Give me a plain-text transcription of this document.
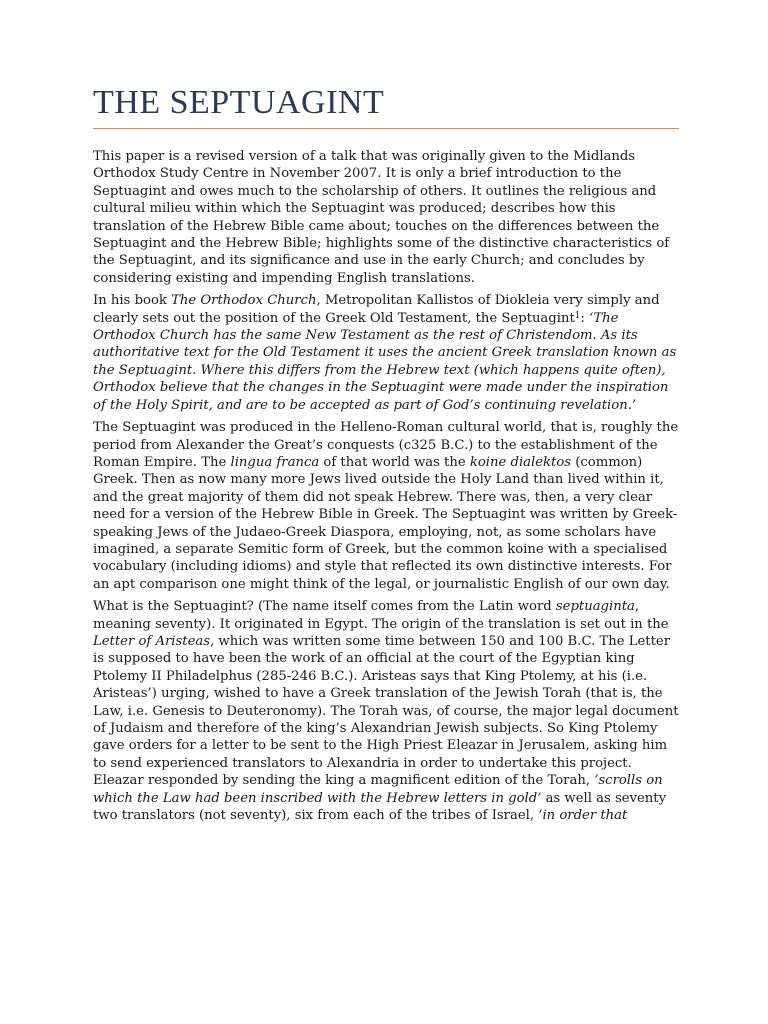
THE SEPTUAGINT

This paper is a revised version of a talk that was originally given to the Midlands Orthodox Study Centre in November 2007. It is only a brief introduction to the Septuagint and owes much to the scholarship of others. It outlines the religious and cultural milieu within which the Septuagint was produced; describes how this translation of the Hebrew Bible came about; touches on the differences between the Septuagint and the Hebrew Bible; highlights some of the distinctive characteristics of the Septuagint, and its significance and use in the early Church; and concludes by considering existing and impending English translations.

In his book The Orthodox Church, Metropolitan Kallistos of Diokleia very simply and clearly sets out the position of the Greek Old Testament, the Septuagint$^1$: ‘The Orthodox Church has the same New Testament as the rest of Christendom. As its authoritative text for the Old Testament it uses the ancient Greek translation known as the Septuagint. Where this differs from the Hebrew text (which happens quite often), Orthodox believe that the changes in the Septuagint were made under the inspiration of the Holy Spirit, and are to be accepted as part of God’s continuing revelation.’

The Septuagint was produced in the Helleno-Roman cultural world, that is, roughly the period from Alexander the Great’s conquests (c325 B.C.) to the establishment of the Roman Empire. The lingua franca of that world was the koine dialektos (common) Greek. Then as now many more Jews lived outside the Holy Land than lived within it, and the great majority of them did not speak Hebrew. There was, then, a very clear need for a version of the Hebrew Bible in Greek. The Septuagint was written by Greek-speaking Jews of the Judaeo-Greek Diaspora, employing, not, as some scholars have imagined, a separate Semitic form of Greek, but the common koine with a specialised vocabulary (including idioms) and style that reflected its own distinctive interests. For an apt comparison one might think of the legal, or journalistic English of our own day.

What is the Septuagint? (The name itself comes from the Latin word septuaginta, meaning seventy). It originated in Egypt. The origin of the translation is set out in the Letter of Aristeas, which was written some time between 150 and 100 B.C. The Letter is supposed to have been the work of an official at the court of the Egyptian king Ptolemy II Philadelphus (285-246 B.C.). Aristeas says that King Ptolemy, at his (i.e. Aristeas’) urging, wished to have a Greek translation of the Jewish Torah (that is, the Law, i.e. Genesis to Deuteronomy). The Torah was, of course, the major legal document of Judaism and therefore of the king’s Alexandrian Jewish subjects. So King Ptolemy gave orders for a letter to be sent to the High Priest Eleazar in Jerusalem, asking him to send experienced translators to Alexandria in order to undertake this project. Eleazar responded by sending the king a magnificent edition of the Torah, ‘scrolls on which the Law had been inscribed with the Hebrew letters in gold’ as well as seventy two translators (not seventy), six from each of the tribes of Israel, ‘in order that
